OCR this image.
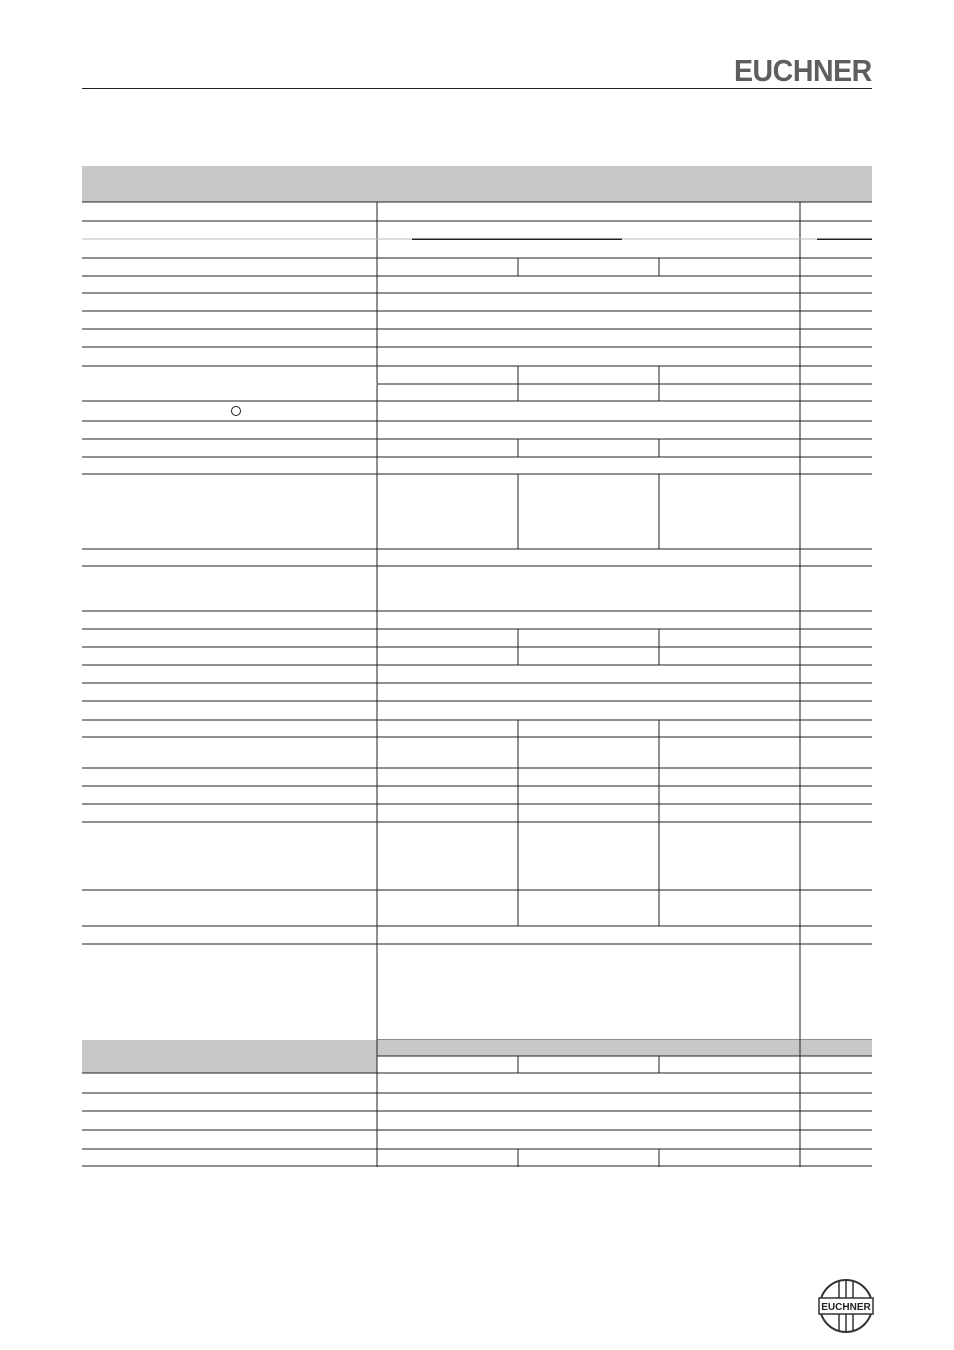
EUCHNER
EUCHNER
